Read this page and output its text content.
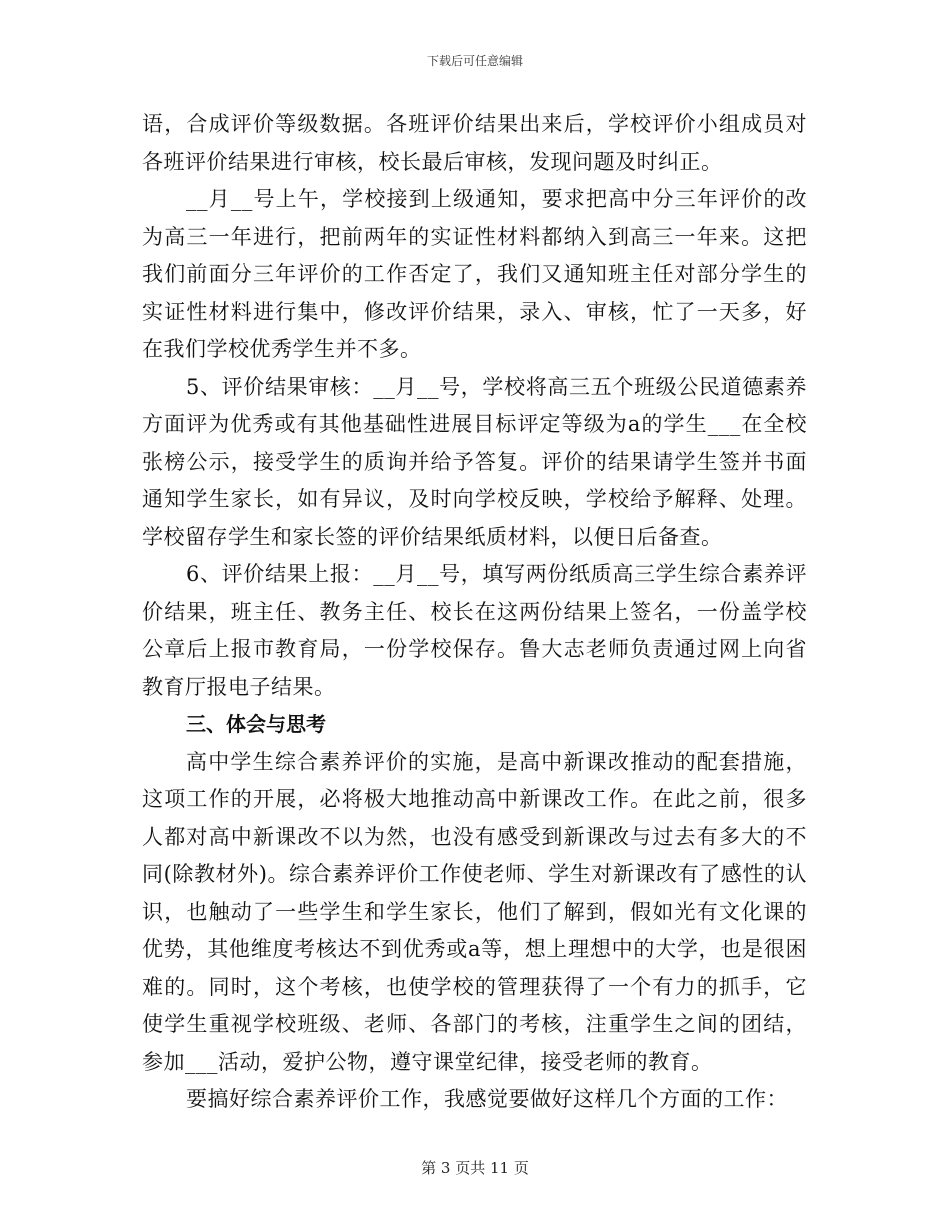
下载后可任意编辑

语，合成评价等级数据。各班评价结果出来后，学校评价小组成员对各班评价结果进行审核，校长最后审核，发现问题及时纠正。

__月__号上午，学校接到上级通知，要求把高中分三年评价的改为高三一年进行，把前两年的实证性材料都纳入到高三一年来。这把我们前面分三年评价的工作否定了，我们又通知班主任对部分学生的实证性材料进行集中，修改评价结果，录入、审核，忙了一天多，好在我们学校优秀学生并不多。

5、评价结果审核：__月__号，学校将高三五个班级公民道德素养方面评为优秀或有其他基础性进展目标评定等级为a的学生___在全校张榜公示，接受学生的质询并给予答复。评价的结果请学生签并书面通知学生家长，如有异议，及时向学校反映，学校给予解释、处理。学校留存学生和家长签的评价结果纸质材料，以便日后备查。

6、评价结果上报：__月__号，填写两份纸质高三学生综合素养评价结果，班主任、教务主任、校长在这两份结果上签名，一份盖学校公章后上报市教育局，一份学校保存。鲁大志老师负责通过网上向省教育厅报电子结果。

三、体会与思考

高中学生综合素养评价的实施，是高中新课改推动的配套措施，这项工作的开展，必将极大地推动高中新课改工作。在此之前，很多人都对高中新课改不以为然，也没有感受到新课改与过去有多大的不同(除教材外)。综合素养评价工作使老师、学生对新课改有了感性的认识，也触动了一些学生和学生家长，他们了解到，假如光有文化课的优势，其他维度考核达不到优秀或a等，想上理想中的大学，也是很困难的。同时，这个考核，也使学校的管理获得了一个有力的抓手，它使学生重视学校班级、老师、各部门的考核，注重学生之间的团结，参加___活动，爱护公物，遵守课堂纪律，接受老师的教育。

要搞好综合素养评价工作，我感觉要做好这样几个方面的工作：

第 3 页共 11 页
